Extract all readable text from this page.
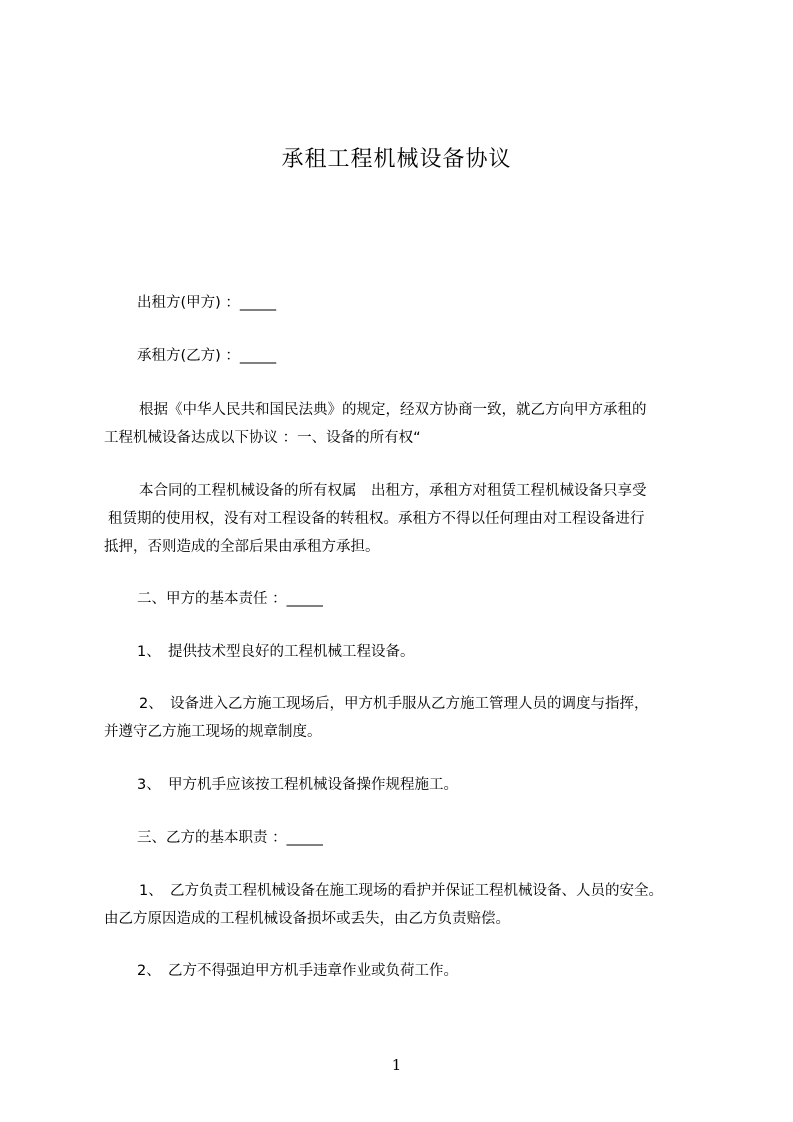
承租工程机械设备协议
出租方(甲方) ：_____
承租方(乙方) ：_____
根据《中华人民共和国民法典》的规定，经双方协商一致，就乙方向甲方承租的
工程机械设备达成以下协议 ：一、设备的所有权“
本合同的工程机械设备的所有权属　出租方，承租方对租赁工程机械设备只享受
租赁期的使用权，没有对工程设备的转租权。承租方不得以任何理由对工程设备进行
抵押，否则造成的全部后果由承租方承担。
二、甲方的基本责任 ：_____
1、　提供技术型良好的工程机械工程设备。
2、　设备进入乙方施工现场后，甲方机手服从乙方施工管理人员的调度与指挥，
并遵守乙方施工现场的规章制度。
3、　甲方机手应该按工程机械设备操作规程施工。
三、乙方的基本职责 ：_____
1、　乙方负责工程机械设备在施工现场的看护并保证工程机械设备、人员的安全。
由乙方原因造成的工程机械设备损坏或丢失，由乙方负责赔偿。
2、　乙方不得强迫甲方机手违章作业或负荷工作。
1
